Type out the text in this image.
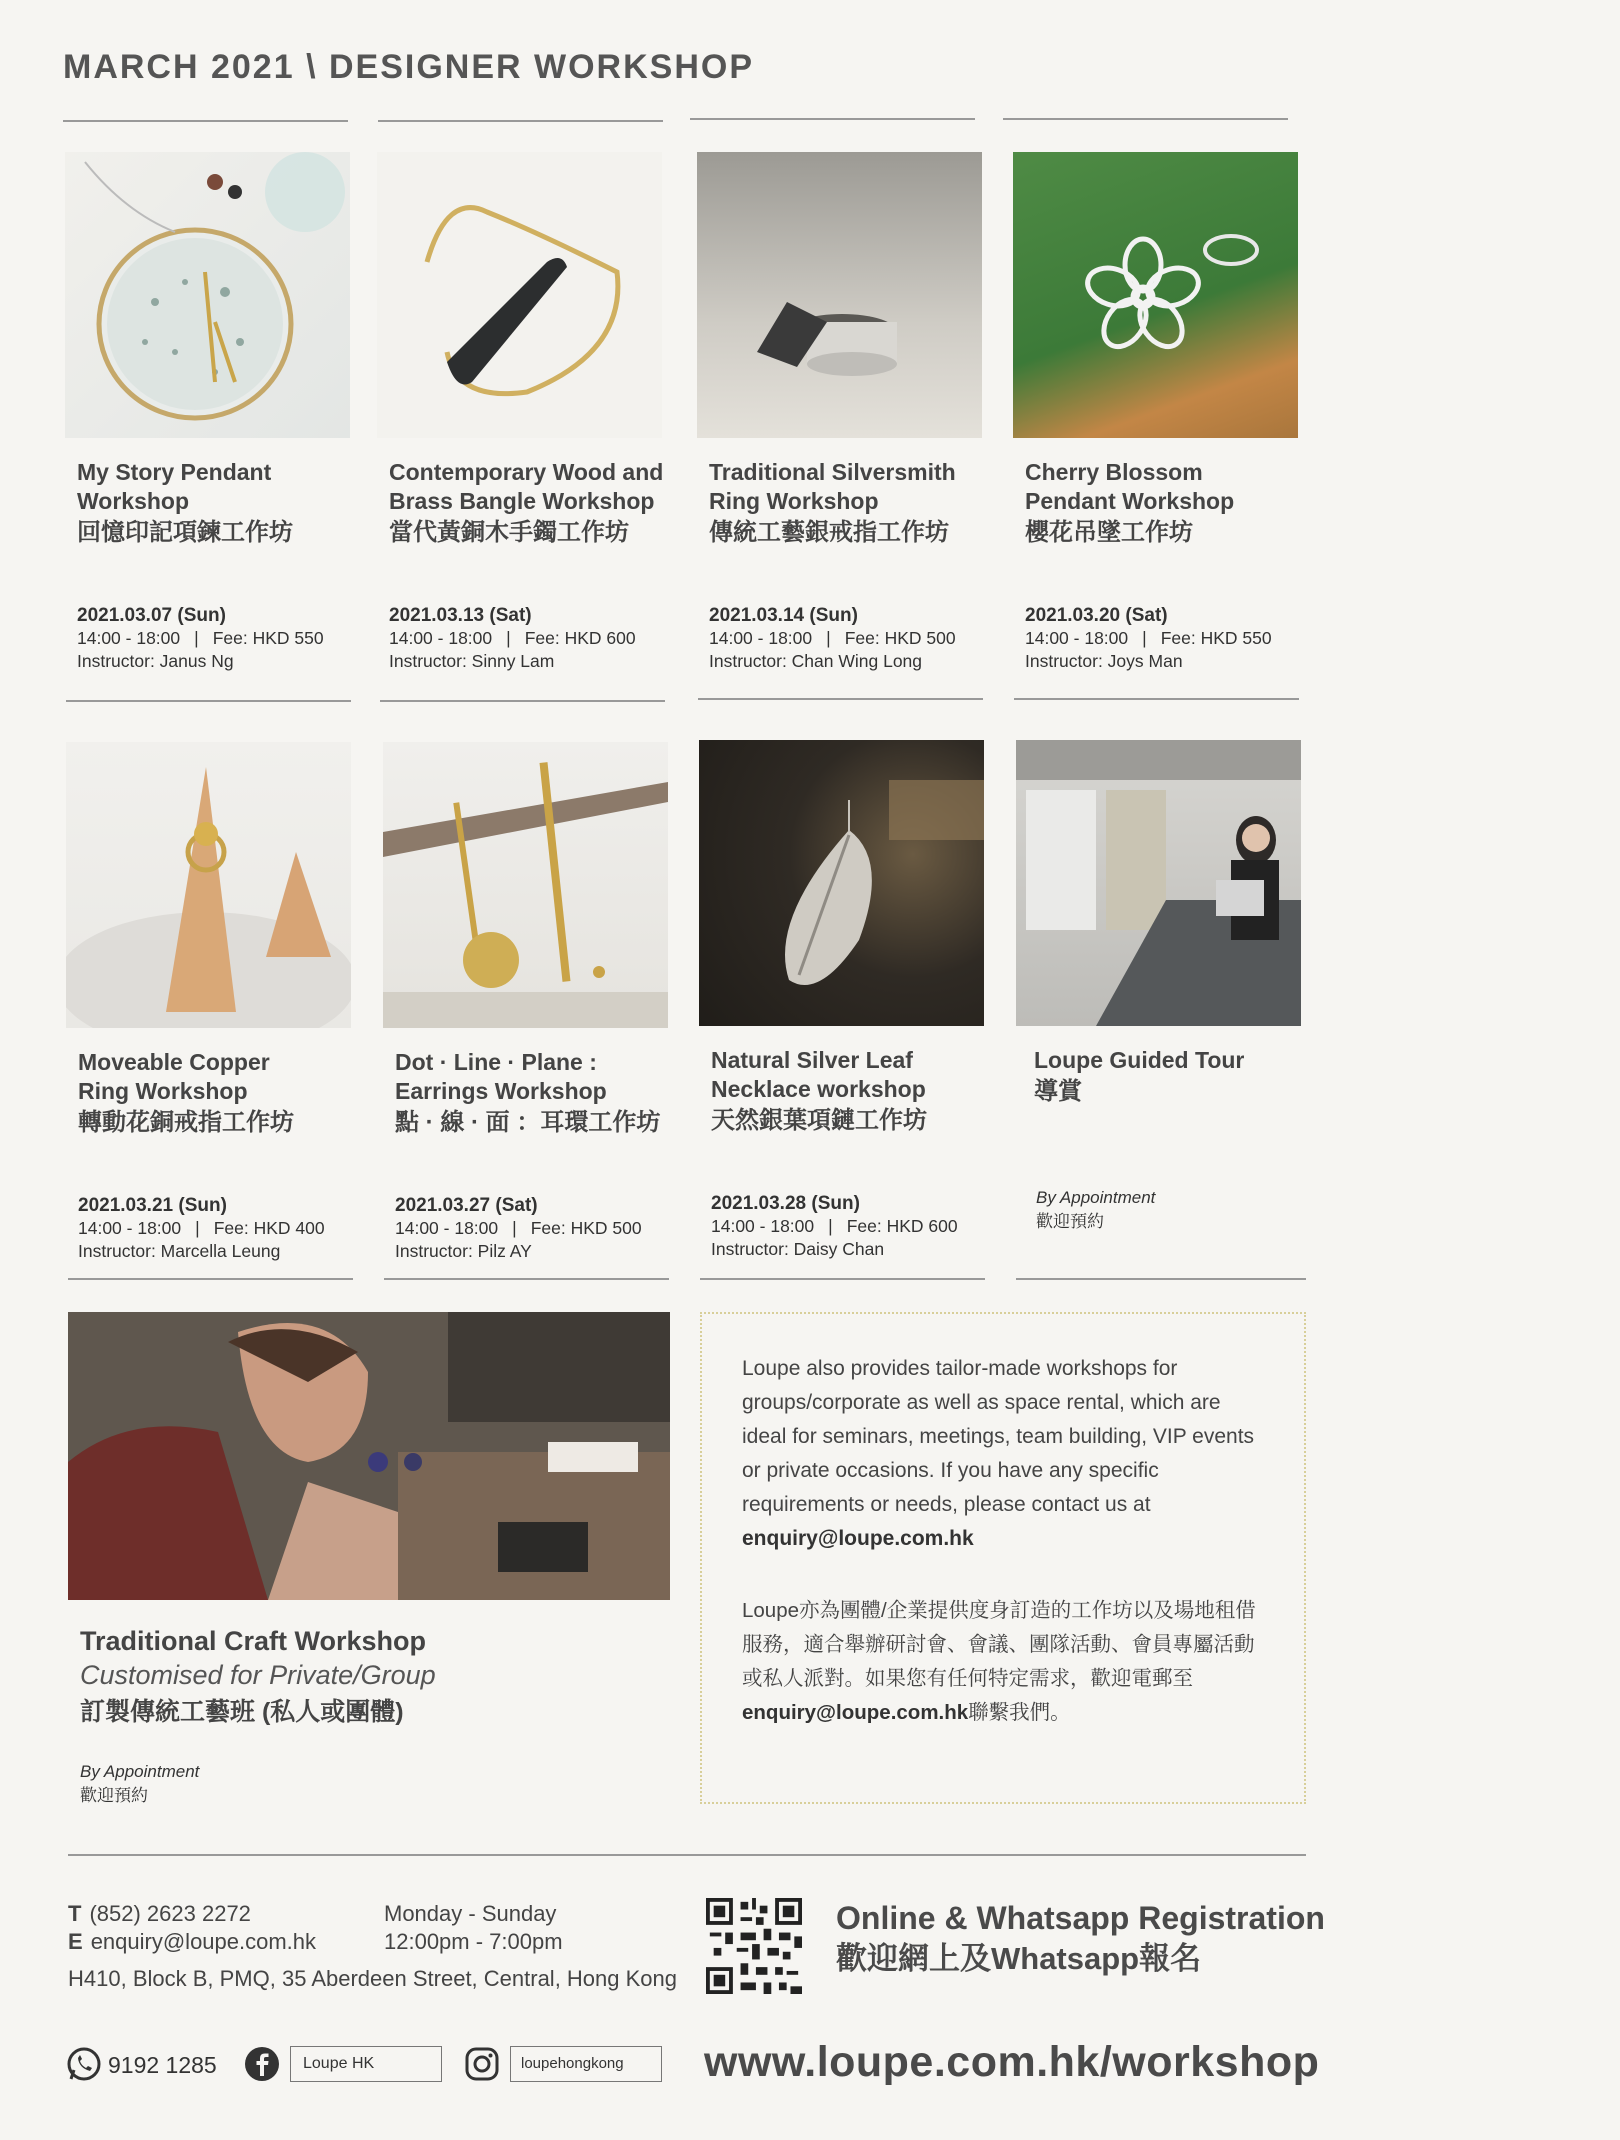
MARCH 2021 \ DESIGNER WORKSHOP
My Story Pendant Workshop
回憶印記項鍊工作坊
2021.03.07 (Sun)
14:00 - 18:00 | Fee: HKD 550
Instructor: Janus Ng
Contemporary Wood and Brass Bangle Workshop
當代黃銅木手鐲工作坊
2021.03.13 (Sat)
14:00 - 18:00 | Fee: HKD 600
Instructor: Sinny Lam
Traditional Silversmith Ring Workshop
傳統工藝銀戒指工作坊
2021.03.14 (Sun)
14:00 - 18:00 | Fee: HKD 500
Instructor: Chan Wing Long
Cherry Blossom Pendant Workshop
櫻花吊墜工作坊
2021.03.20 (Sat)
14:00 - 18:00 | Fee: HKD 550
Instructor: Joys Man
Moveable Copper Ring Workshop
轉動花銅戒指工作坊
2021.03.21 (Sun)
14:00 - 18:00 | Fee: HKD 400
Instructor: Marcella Leung
Dot · Line · Plane : Earrings Workshop
點 · 線 · 面 ：耳環工作坊
2021.03.27 (Sat)
14:00 - 18:00 | Fee: HKD 500
Instructor: Pilz AY
Natural Silver Leaf Necklace workshop
天然銀葉項鏈工作坊
2021.03.28 (Sun)
14:00 - 18:00 | Fee: HKD 600
Instructor: Daisy Chan
Loupe Guided Tour
導賞
By Appointment
歡迎預約
Traditional Craft Workshop
Customised for Private/Group
訂製傳統工藝班 (私人或團體)
By Appointment
歡迎預約
Loupe also provides tailor-made workshops for groups/corporate as well as space rental, which are ideal for seminars, meetings, team building, VIP events or private occasions. If you have any specific requirements or needs, please contact us at enquiry@loupe.com.hk
Loupe亦為團體/企業提供度身訂造的工作坊以及場地租借服務，適合舉辦研討會、會議、團隊活動、會員專屬活動或私人派對。如果您有任何特定需求，歡迎電郵至enquiry@loupe.com.hk聯繫我們。
T (852) 2623 2272
E enquiry@loupe.com.hk
Monday - Sunday
12:00pm - 7:00pm
H410, Block B, PMQ, 35 Aberdeen Street, Central, Hong Kong
9192 1285	Loupe HK	loupehongkong
Online & Whatsapp Registration
歡迎網上及Whatsapp報名
www.loupe.com.hk/workshop
